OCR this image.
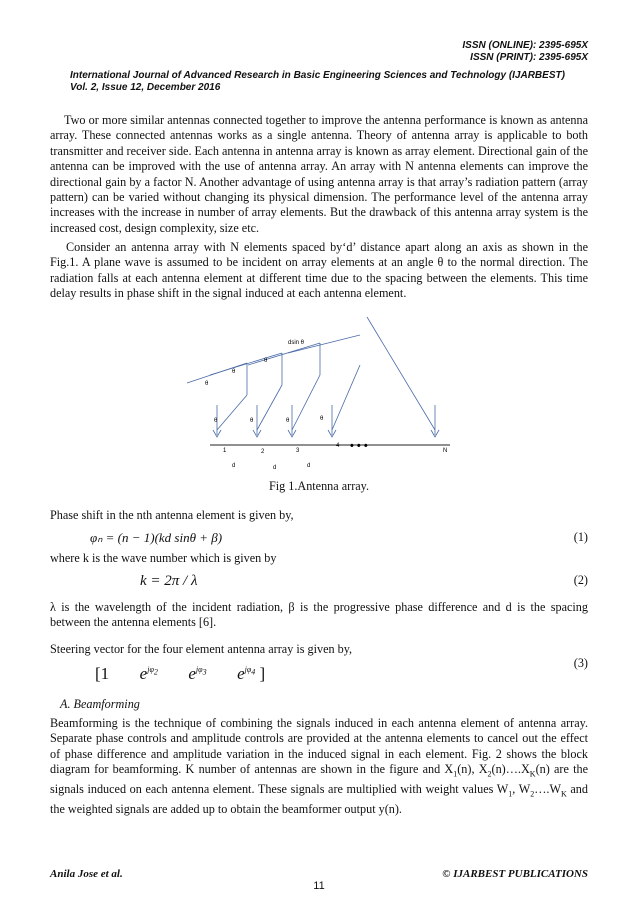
ISSN (ONLINE): 2395-695X
ISSN (PRINT): 2395-695X
International Journal of Advanced Research in Basic Engineering Sciences and Technology (IJARBEST)
Vol. 2, Issue 12, December 2016

Two or more similar antennas connected together to improve the antenna performance is known as antenna array. These connected antennas works as a single antenna. Theory of antenna array is applicable to both transmitter and receiver side. Each antenna in antenna array is known as array element. Directional gain of the antenna can be improved with the use of antenna array. An array with N antenna elements can improve the directional gain by a factor N. Another advantage of using antenna array is that array’s radiation pattern (array pattern) can be varied without changing its physical dimension. The performance level of the antenna array increases with the increase in number of array elements. But the drawback of this antenna array system is the increased cost, design complexity, size etc.

Consider an antenna array with N elements spaced by‘d’ distance apart along an axis as shown in the Fig.1. A plane wave is assumed to be incident on array elements at an angle θ to the normal direction. The radiation falls at each antenna element at different time due to the spacing between the elements. This time delay results in phase shift in the signal induced at each antenna element.

θ
θ
θ
θ	θ	θ	θ
dsin θ
1	2	3
4
N
d	d	d
• • •
Fig 1.Antenna array.
Phase shift in the nth antenna element is given by,
φₙ = (n − 1)(kd sinθ + β)	(1)
where k is the wave number which is given by
k = 2π / λ	(2)

λ is the wavelength of the incident radiation, β is the progressive phase difference and d is the spacing between the antenna elements [6].

Steering vector for the four element antenna array is given by,
[1 $e^{j\varphi_2}$ $e^{j\varphi_3}$ $e^{j\varphi_4}$ ]
(3)
A. Beamforming

Beamforming is the technique of combining the signals induced in each antenna element of antenna array. Separate phase controls and amplitude controls are provided at the antenna elements to cancel out the effect of phase difference and amplitude variation in the induced signal in each element. Fig. 2 shows the block diagram for beamforming. K number of antennas are shown in the figure and $X_1(n)$, $X_2(n)\dots.X_K(n)$ are the signals induced on each antenna element. These signals are multiplied with weight values $W_1$, $W_2\dots.W_K$ and the weighted signals are added up to obtain the beamformer output y(n).

Anila Jose et al.	© IJARBEST PUBLICATIONS
11
